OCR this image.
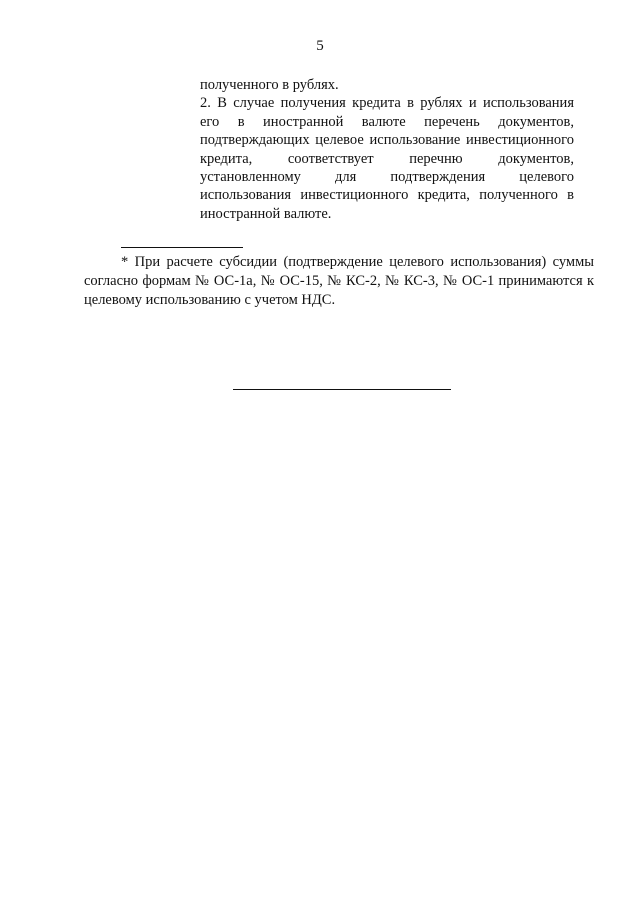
5

полученного в рублях.

2. В случае получения кредита в рублях и использования его в иностранной валюте перечень документов, подтверждающих целевое использование инвестиционного кредита, соответствует перечню документов, установленному для подтверждения целевого использования инвестиционного кредита, полученного в иностранной валюте.

* При расчете субсидии (подтверждение целевого использования) суммы согласно формам № ОС-1а, № ОС-15, № КС-2, № КС-3, № ОС-1 принимаются к целевому использованию с учетом НДС.
